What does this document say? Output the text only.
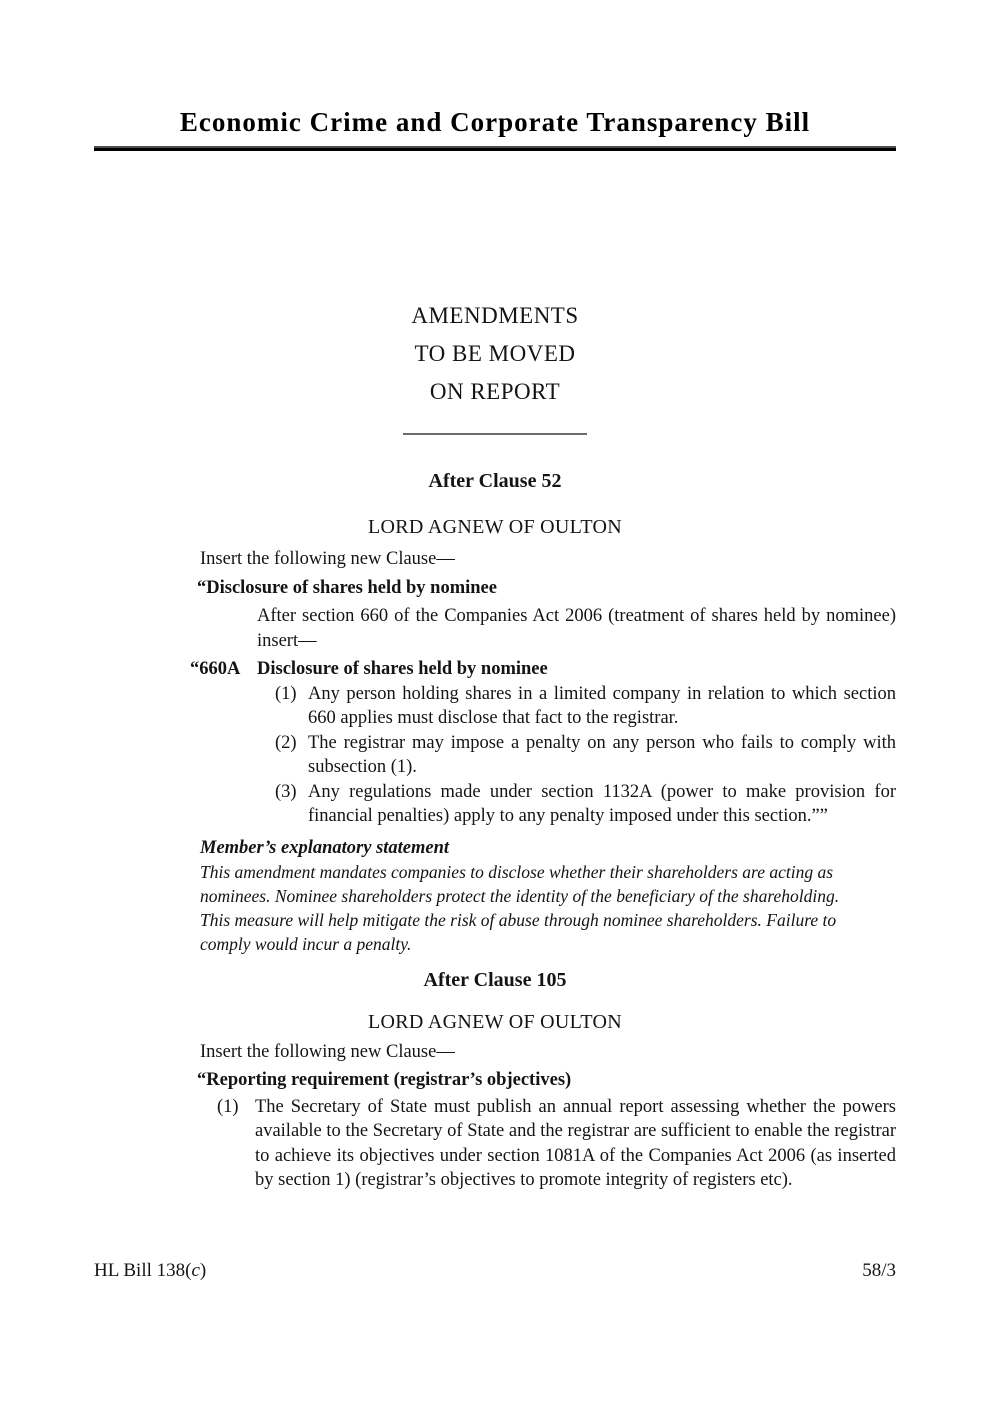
Economic Crime and Corporate Transparency Bill
AMENDMENTS
TO BE MOVED
ON REPORT
After Clause 52
LORD AGNEW OF OULTON

Insert the following new Clause—

“Disclosure of shares held by nominee

After section 660 of the Companies Act 2006 (treatment of shares held by nominee) insert—

“660A Disclosure of shares held by nominee
(1) Any person holding shares in a limited company in relation to which section 660 applies must disclose that fact to the registrar.

(2) The registrar may impose a penalty on any person who fails to comply with subsection (1).

(3) Any regulations made under section 1132A (power to make provision for financial penalties) apply to any penalty imposed under this section.””

Member’s explanatory statement

This amendment mandates companies to disclose whether their shareholders are acting as nominees. Nominee shareholders protect the identity of the beneficiary of the shareholding. This measure will help mitigate the risk of abuse through nominee shareholders. Failure to comply would incur a penalty.

After Clause 105
LORD AGNEW OF OULTON

Insert the following new Clause—

“Reporting requirement (registrar’s objectives)

(1) The Secretary of State must publish an annual report assessing whether the powers available to the Secretary of State and the registrar are sufficient to enable the registrar to achieve its objectives under section 1081A of the Companies Act 2006 (as inserted by section 1) (registrar’s objectives to promote integrity of registers etc).

HL Bill 138(c)	58/3
